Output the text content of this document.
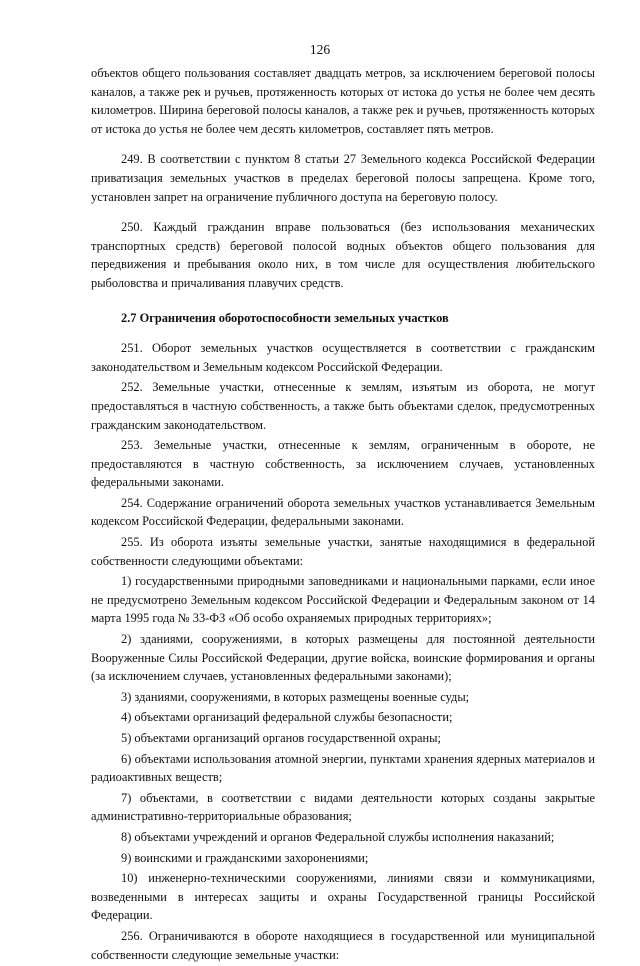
126

объектов общего пользования составляет двадцать метров, за исключением береговой полосы каналов, а также рек и ручьев, протяженность которых от истока до устья не более чем десять километров. Ширина береговой полосы каналов, а также рек и ручьев, протяженность которых от истока до устья не более чем десять километров, составляет пять метров.

249. В соответствии с пунктом 8 статьи 27 Земельного кодекса Российской Федерации приватизация земельных участков в пределах береговой полосы запрещена. Кроме того, установлен запрет на ограничение публичного доступа на береговую полосу.

250. Каждый гражданин вправе пользоваться (без использования механических транспортных средств) береговой полосой водных объектов общего пользования для передвижения и пребывания около них, в том числе для осуществления любительского рыболовства и причаливания плавучих средств.

2.7 Ограничения оборотоспособности земельных участков

251. Оборот земельных участков осуществляется в соответствии с гражданским законодательством и Земельным кодексом Российской Федерации.

252. Земельные участки, отнесенные к землям, изъятым из оборота, не могут предоставляться в частную собственность, а также быть объектами сделок, предусмотренных гражданским законодательством.

253. Земельные участки, отнесенные к землям, ограниченным в обороте, не предоставляются в частную собственность, за исключением случаев, установленных федеральными законами.

254. Содержание ограничений оборота земельных участков устанавливается Земельным кодексом Российской Федерации, федеральными законами.

255. Из оборота изъяты земельные участки, занятые находящимися в федеральной собственности следующими объектами:

1) государственными природными заповедниками и национальными парками, если иное не предусмотрено Земельным кодексом Российской Федерации и Федеральным законом от 14 марта 1995 года № 33-ФЗ «Об особо охраняемых природных территориях»;

2) зданиями, сооружениями, в которых размещены для постоянной деятельности Вооруженные Силы Российской Федерации, другие войска, воинские формирования и органы (за исключением случаев, установленных федеральными законами);

3) зданиями, сооружениями, в которых размещены военные суды;

4) объектами организаций федеральной службы безопасности;

5) объектами организаций органов государственной охраны;

6) объектами использования атомной энергии, пунктами хранения ядерных материалов и радиоактивных веществ;

7) объектами, в соответствии с видами деятельности которых созданы закрытые административно-территориальные образования;

8) объектами учреждений и органов Федеральной службы исполнения наказаний;

9) воинскими и гражданскими захоронениями;

10) инженерно-техническими сооружениями, линиями связи и коммуникациями, возведенными в интересах защиты и охраны Государственной границы Российской Федерации.

256. Ограничиваются в обороте находящиеся в государственной или муниципальной собственности следующие земельные участки:
